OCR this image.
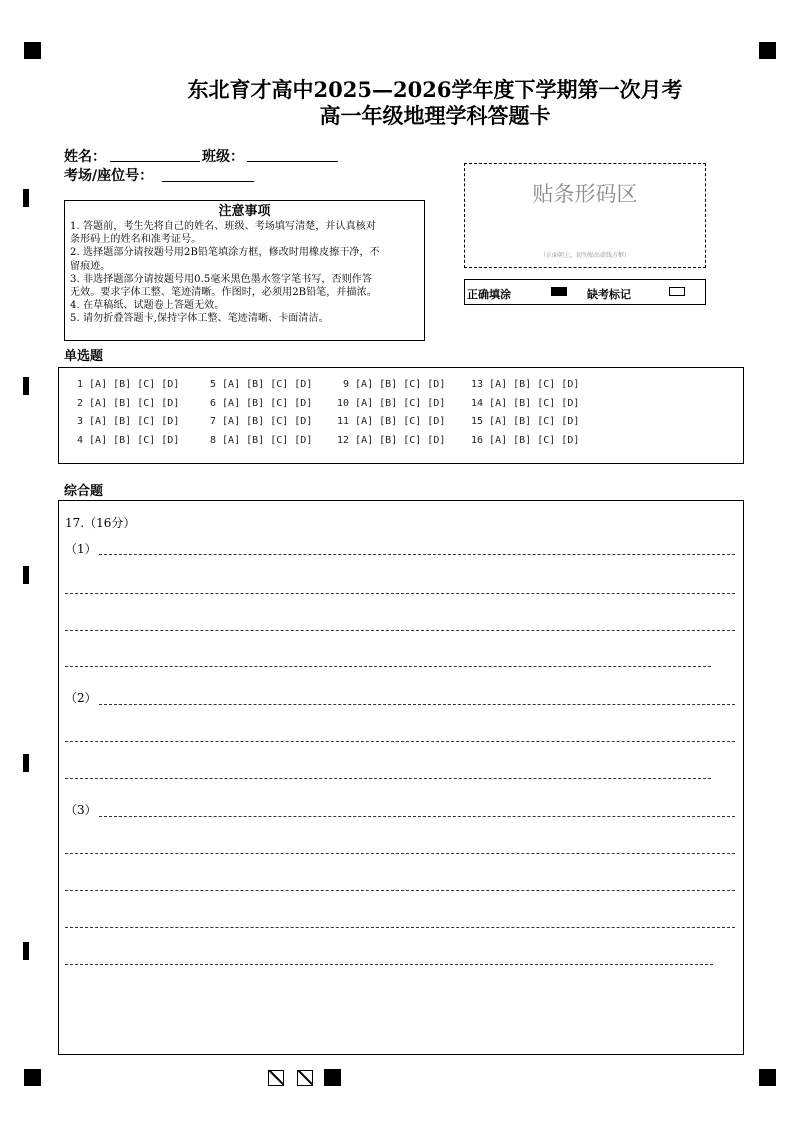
东北育才高中2025—2026学年度下学期第一次月考
高一年级地理学科答题卡
姓名：	班级：
考场/座位号：
注意事项
1. 答题前，考生先将自己的姓名、班级、考场填写清楚，并认真核对
条形码上的姓名和准考证号。
2. 选择题部分请按题号用2B铅笔填涂方框，修改时用橡皮擦干净，不
留痕迹。
3. 非选择题部分请按题号用0.5毫米黑色墨水签字笔书写，否则作答
无效。要求字体工整、笔迹清晰。作图时，必须用2B铅笔，并描浓。
4. 在草稿纸、试题卷上答题无效。
5. 请勿折叠答题卡,保持字体工整、笔迹清晰、卡面清洁。
贴条形码区
（正面朝上，切勿贴出虚线方框）
正确填涂	缺考标记
单选题
1 [A] [B] [C] [D]
2 [A] [B] [C] [D]
3 [A] [B] [C] [D]
4 [A] [B] [C] [D]
5 [A] [B] [C] [D]
6 [A] [B] [C] [D]
7 [A] [B] [C] [D]
8 [A] [B] [C] [D]
9 [A] [B] [C] [D]
10 [A] [B] [C] [D]
11 [A] [B] [C] [D]
12 [A] [B] [C] [D]
13 [A] [B] [C] [D]
14 [A] [B] [C] [D]
15 [A] [B] [C] [D]
16 [A] [B] [C] [D]
综合题
17.（16分）
（1）
（2）
（3）
